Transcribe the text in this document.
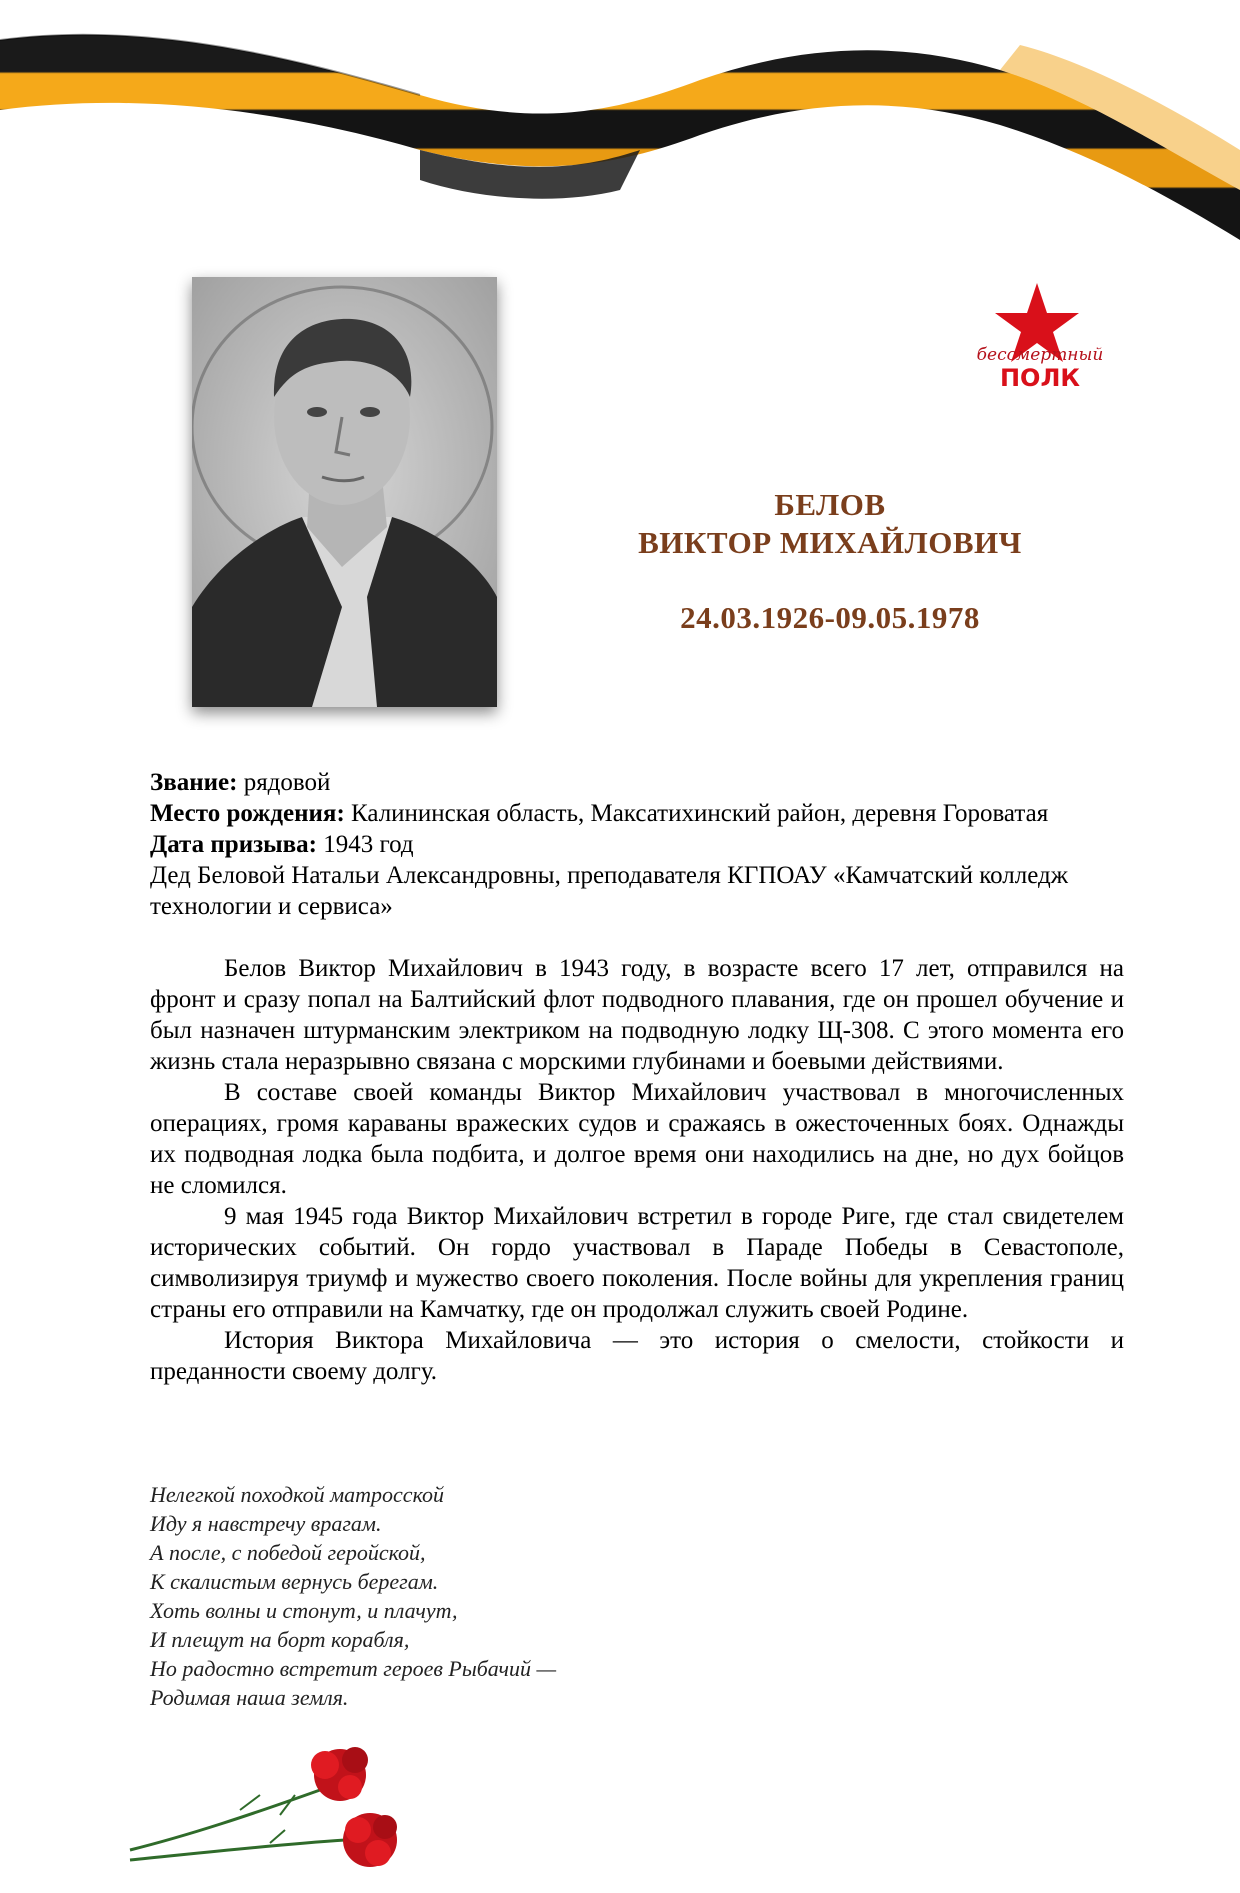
бессмертный
ПОЛК
БЕЛОВ
ВИКТОР МИХАЙЛОВИЧ
24.03.1926-09.05.1978
Звание: рядовой
Место рождения: Калининская область, Максатихинский район, деревня Горoватая
Дата призыва: 1943 год
Дед Беловой Натальи Александровны, преподавателя КГПОАУ «Камчатский колледж технологии и сервиса»

Белов Виктор Михайлович в 1943 году, в возрасте всего 17 лет, отправился на фронт и сразу попал на Балтийский флот подводного плавания, где он прошел обучение и был назначен штурманским электриком на подводную лодку Щ-308. С этого момента его жизнь стала неразрывно связана с морскими глубинами и боевыми действиями.

В составе своей команды Виктор Михайлович участвовал в многочисленных операциях, громя караваны вражеских судов и сражаясь в ожесточенных боях. Однажды их подводная лодка была подбита, и долгое время они находились на дне, но дух бойцов не сломился.

9 мая 1945 года Виктор Михайлович встретил в городе Риге, где стал свидетелем исторических событий. Он гордо участвовал в Параде Победы в Севастополе, символизируя триумф и мужество своего поколения. После войны для укрепления границ страны его отправили на Камчатку, где он продолжал служить своей Родине.

История Виктора Михайловича — это история о смелости, стойкости и преданности своему долгу.

Нелегкой походкой матросской
Иду я навстречу врагам.
А после, с победой геройской,
К скалистым вернусь берегам.
Хоть волны и стонут, и плачут,
И плещут на борт корабля,
Но радостно встретит героев Рыбачий —
Родимая наша земля.
